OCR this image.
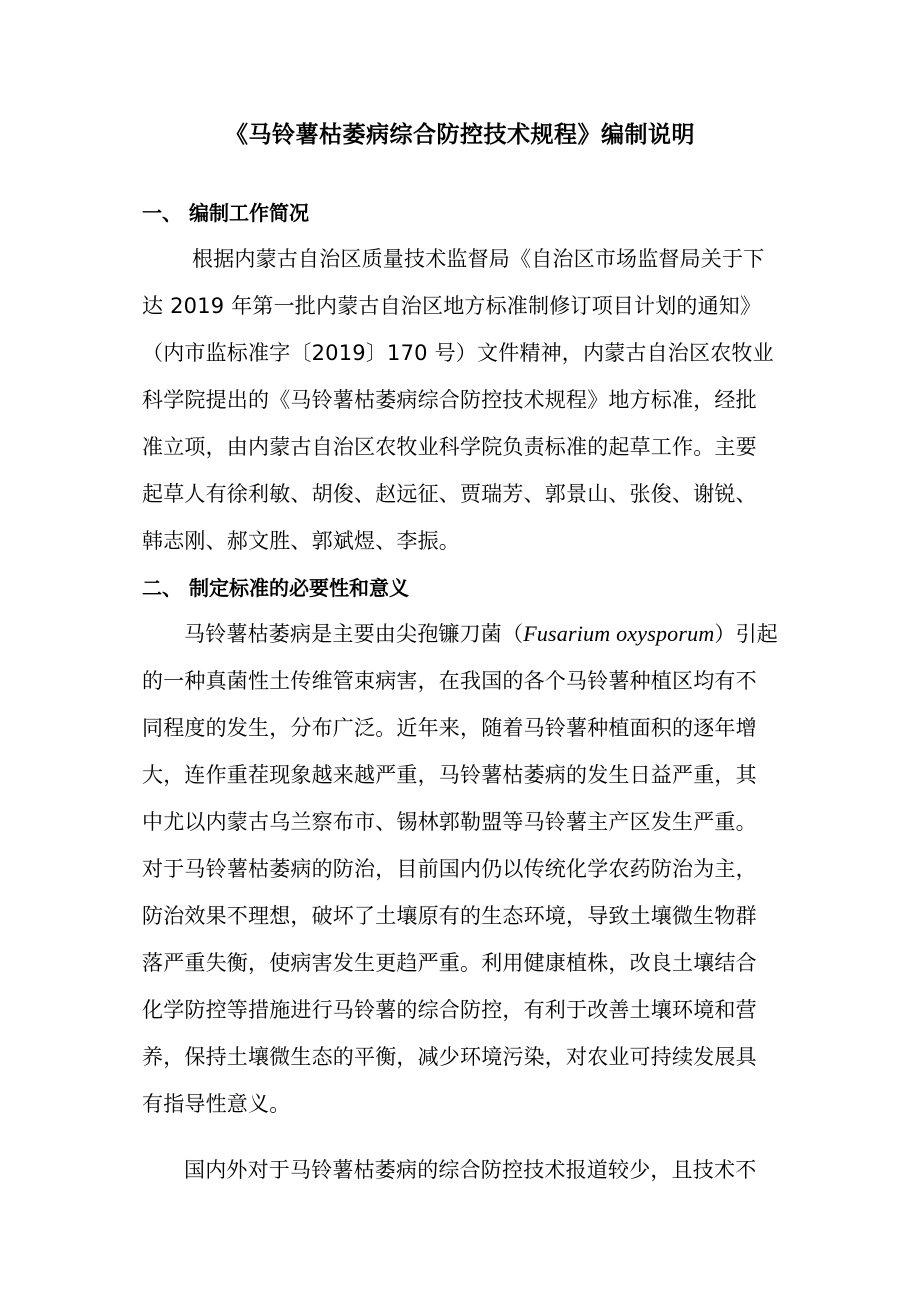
《马铃薯枯萎病综合防控技术规程》编制说明
一、 编制工作简况
根据内蒙古自治区质量技术监督局《自治区市场监督局关于下
达 2019 年第一批内蒙古自治区地方标准制修订项目计划的通知》
（内市监标准字〔2019〕170 号）文件精神，内蒙古自治区农牧业
科学院提出的《马铃薯枯萎病综合防控技术规程》地方标准，经批
准立项，由内蒙古自治区农牧业科学院负责标准的起草工作。主要
起草人有徐利敏、胡俊、赵远征、贾瑞芳、郭景山、张俊、谢锐、
韩志刚、郝文胜、郭斌煜、李振。
二、 制定标准的必要性和意义
马铃薯枯萎病是主要由尖孢镰刀菌（Fusarium oxysporum）引起
的一种真菌性土传维管束病害，在我国的各个马铃薯种植区均有不
同程度的发生，分布广泛。近年来，随着马铃薯种植面积的逐年增
大，连作重茬现象越来越严重，马铃薯枯萎病的发生日益严重，其
中尤以内蒙古乌兰察布市、锡林郭勒盟等马铃薯主产区发生严重。
对于马铃薯枯萎病的防治，目前国内仍以传统化学农药防治为主，
防治效果不理想，破坏了土壤原有的生态环境，导致土壤微生物群
落严重失衡，使病害发生更趋严重。利用健康植株，改良土壤结合
化学防控等措施进行马铃薯的综合防控，有利于改善土壤环境和营
养，保持土壤微生态的平衡，减少环境污染，对农业可持续发展具
有指导性意义。
国内外对于马铃薯枯萎病的综合防控技术报道较少，且技术不
